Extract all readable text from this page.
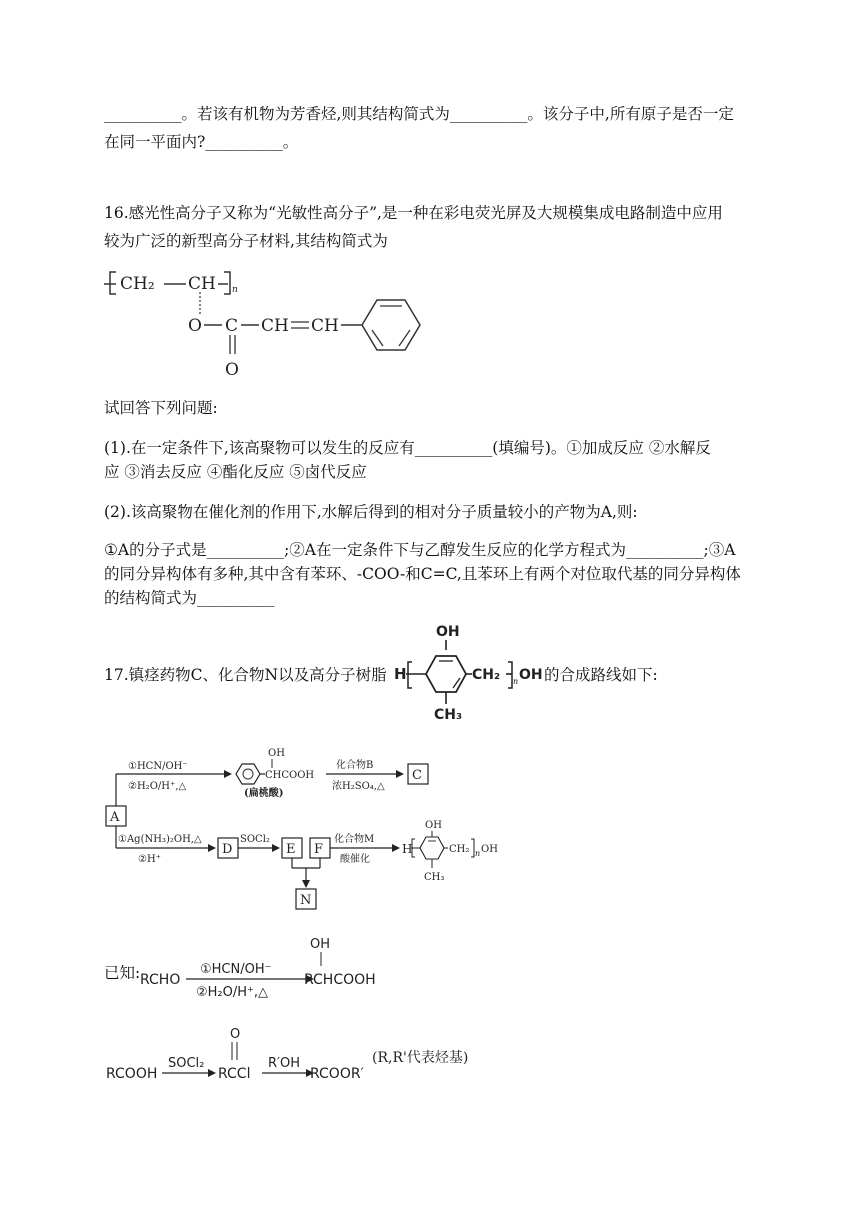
__________。若该有机物为芳香烃,则其结构简式为__________。该分子中,所有原子是否一定
在同一平面内?__________。
16.感光性高分子又称为“光敏性高分子”,是一种在彩电荧光屏及大规模集成电路制造中应用
较为广泛的新型高分子材料,其结构简式为
CH₂ CH n
O C CH CH
O
试回答下列问题:
(1).在一定条件下,该高聚物可以发生的反应有__________(填编号)。①加成反应 ②水解反
应 ③消去反应 ④酯化反应 ⑤卤代反应
(2).该高聚物在催化剂的作用下,水解后得到的相对分子质量较小的产物为A,则:
①A的分子式是__________;②A在一定条件下与乙醇发生反应的化学方程式为__________;③A
的同分异构体有多种,其中含有苯环、-COO-和C=C,且苯环上有两个对位取代基的同分异构体
的结构简式为__________
17.镇痉药物C、化合物N以及高分子树脂
OH
H	CH₂ n OH
CH₃
的合成路线如下:
A
①HCN/OH⁻
②H₂O/H⁺,△
OH
CHCOOH
(扁桃酸)
化合物B
浓H₂SO₄,△
C
①Ag(NH₃)₂OH,△
②H⁺
D
SOCl₂
E F
N
化合物M
酸催化
H
OH
CH₂ n OH
CH₃
已知: RCHO
①HCN/OH⁻
②H₂O/H⁺,△
OH
RCHCOOH
RCOOH
SOCl₂
O
RCCl
R′OH
RCOOR′
(R,R'代表烃基)
